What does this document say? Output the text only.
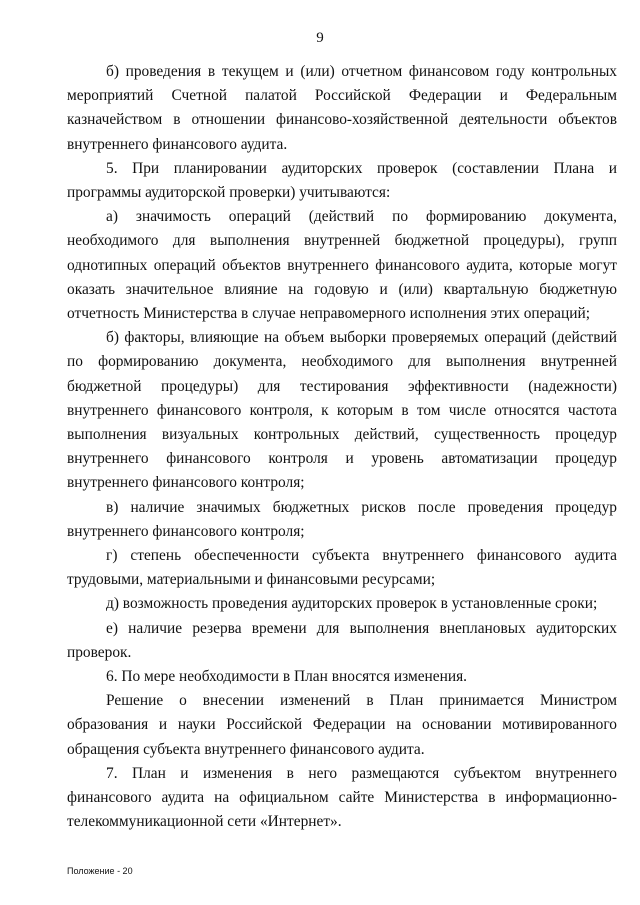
9

б) проведения в текущем и (или) отчетном финансовом году контрольных мероприятий Счетной палатой Российской Федерации и Федеральным казначейством в отношении финансово-хозяйственной деятельности объектов внутреннего финансового аудита.

5. При планировании аудиторских проверок (составлении Плана и программы аудиторской проверки) учитываются:

а) значимость операций (действий по формированию документа, необходимого для выполнения внутренней бюджетной процедуры), групп однотипных операций объектов внутреннего финансового аудита, которые могут оказать значительное влияние на годовую и (или) квартальную бюджетную отчетность Министерства в случае неправомерного исполнения этих операций;

б) факторы, влияющие на объем выборки проверяемых операций (действий по формированию документа, необходимого для выполнения внутренней бюджетной процедуры) для тестирования эффективности (надежности) внутреннего финансового контроля, к которым в том числе относятся частота выполнения визуальных контрольных действий, существенность процедур внутреннего финансового контроля и уровень автоматизации процедур внутреннего финансового контроля;

в) наличие значимых бюджетных рисков после проведения процедур внутреннего финансового контроля;

г) степень обеспеченности субъекта внутреннего финансового аудита трудовыми, материальными и финансовыми ресурсами;

д) возможность проведения аудиторских проверок в установленные сроки;

е) наличие резерва времени для выполнения внеплановых аудиторских проверок.

6. По мере необходимости в План вносятся изменения.

Решение о внесении изменений в План принимается Министром образования и науки Российской Федерации на основании мотивированного обращения субъекта внутреннего финансового аудита.

7. План и изменения в него размещаются субъектом внутреннего финансового аудита на официальном сайте Министерства в информационно-телекоммуникационной сети «Интернет».

Положение - 20
